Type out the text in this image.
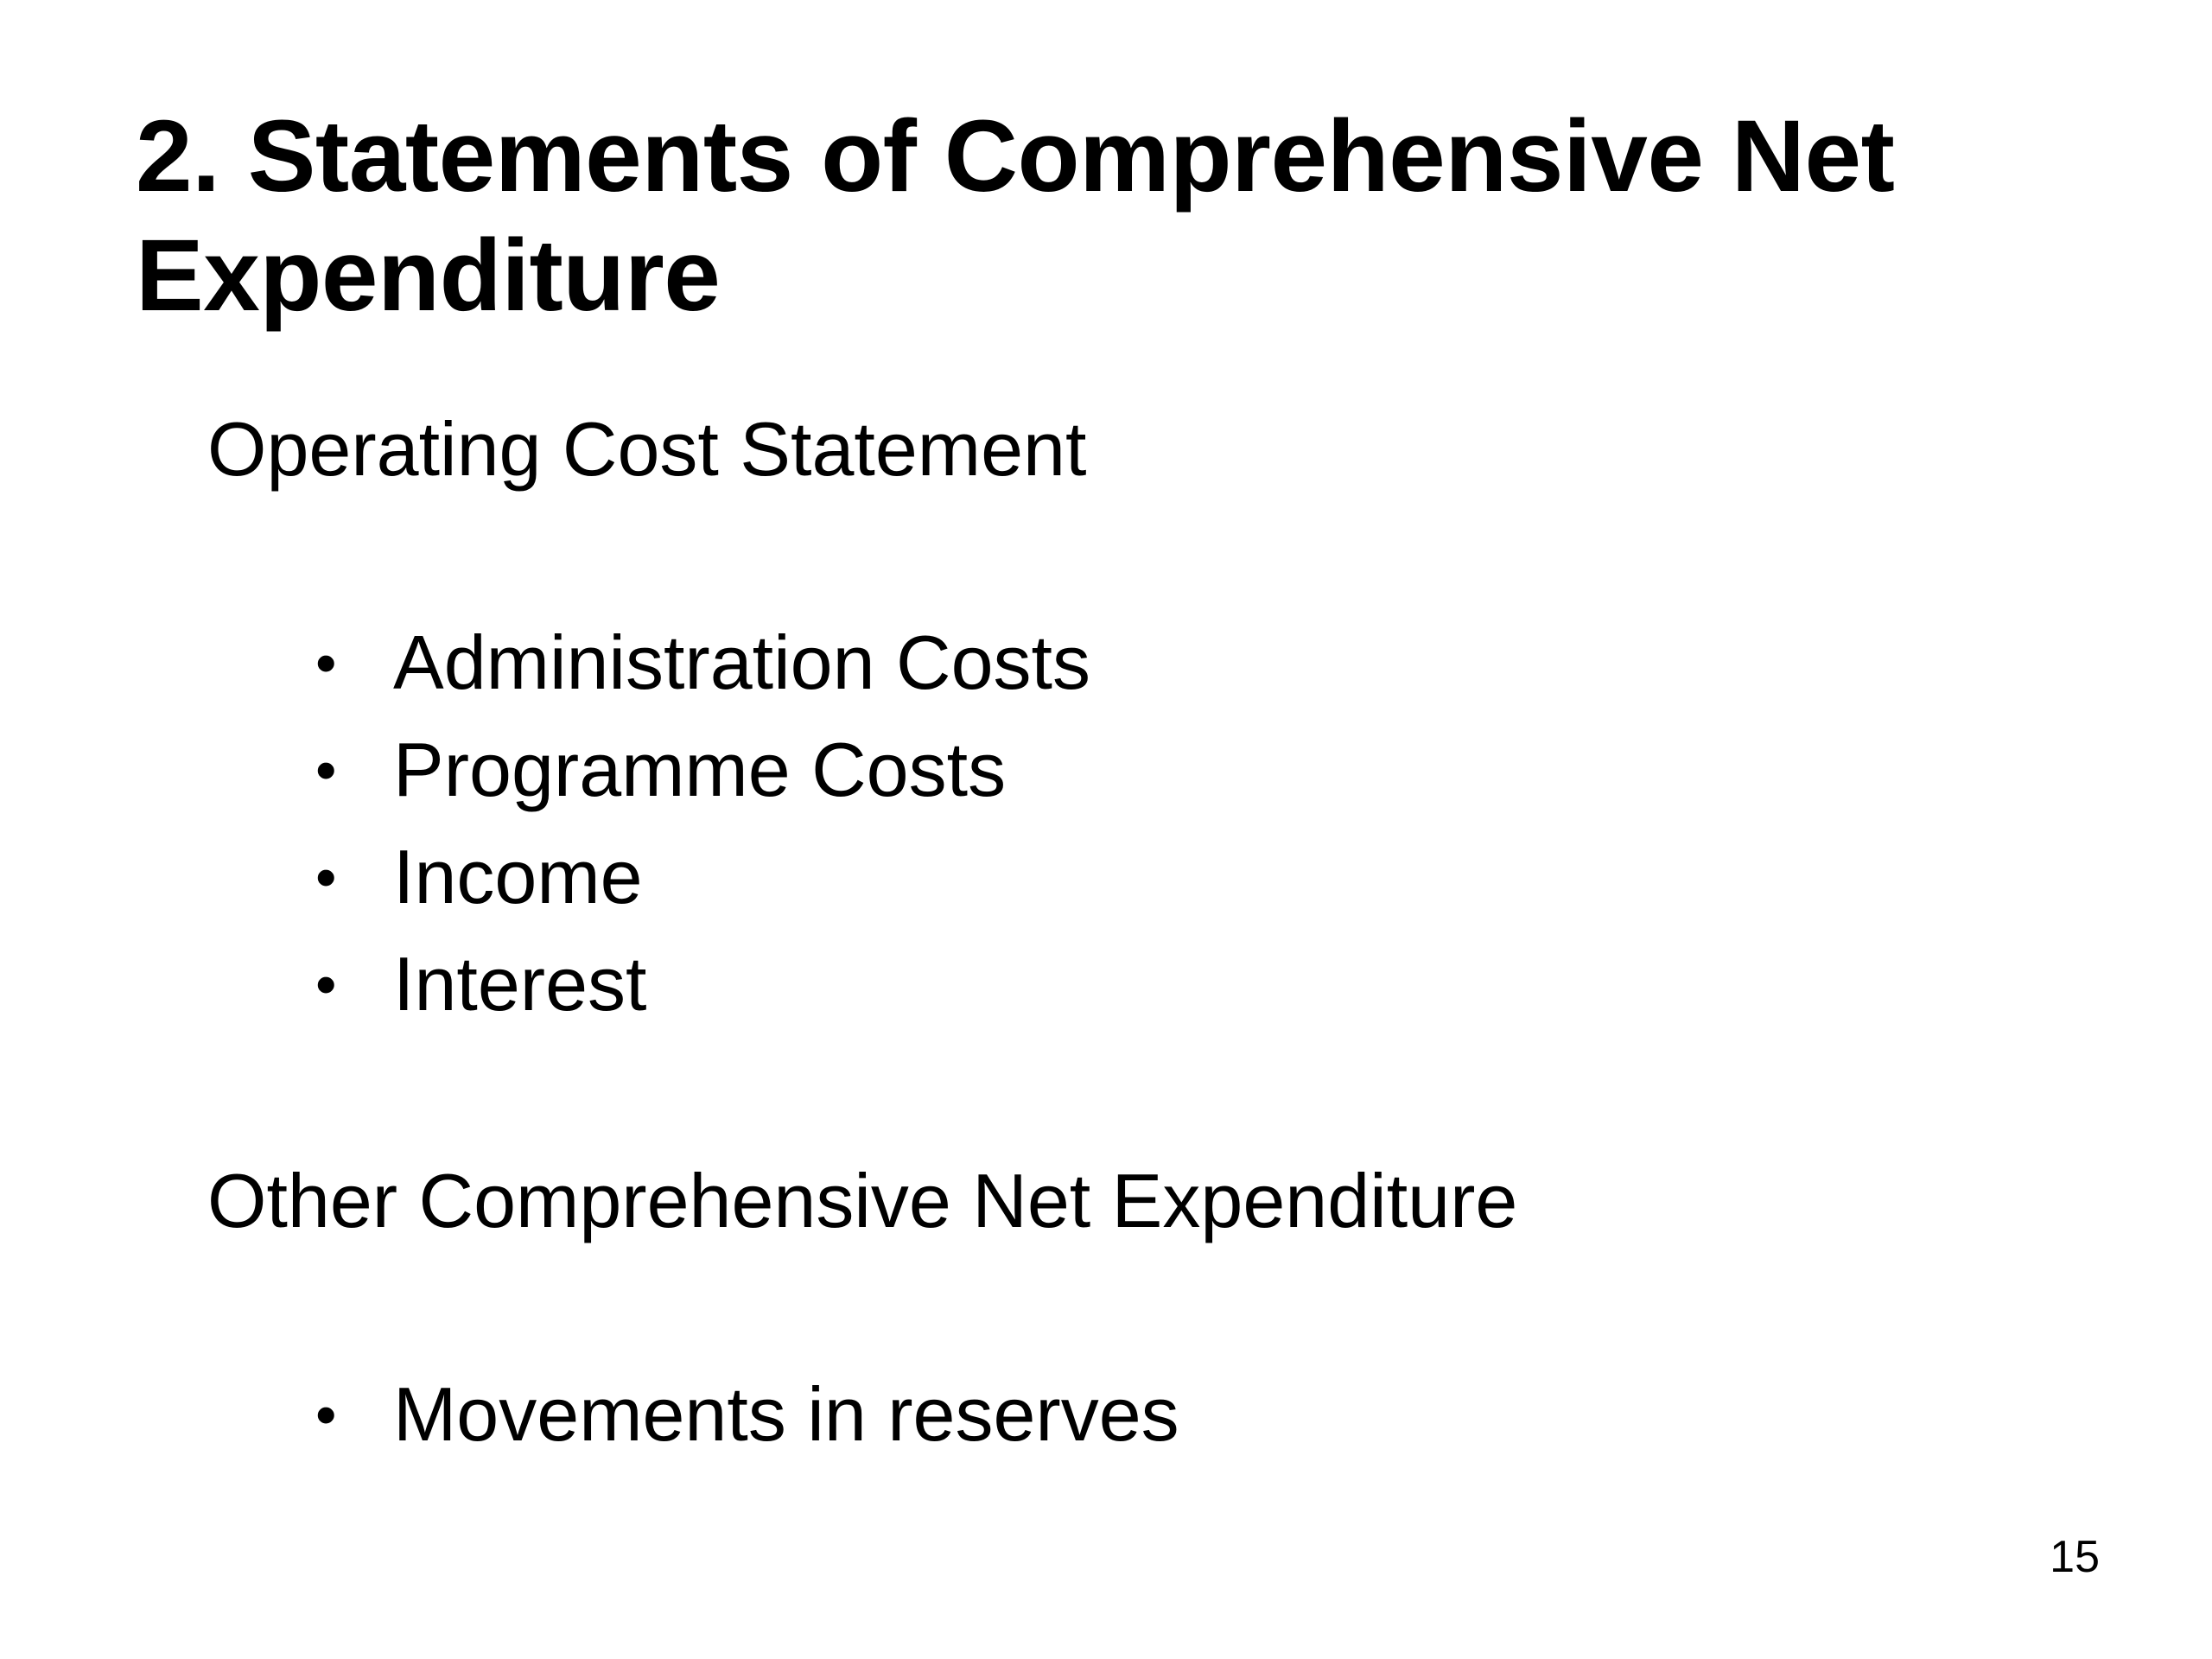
2. Statements of Comprehensive Net Expenditure
Operating Cost Statement
• Administration Costs
• Programme Costs
• Income
• Interest
Other Comprehensive Net Expenditure
• Movements in reserves
15
